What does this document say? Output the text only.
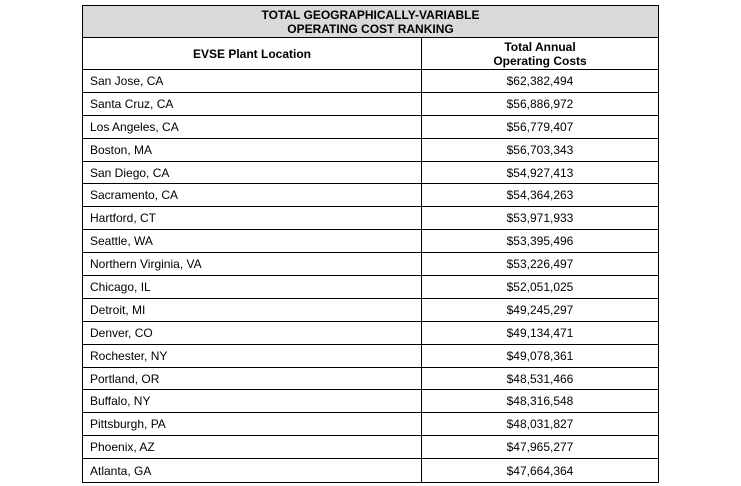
TOTAL GEOGRAPHICALLY-VARIABLE
OPERATING COST RANKING
EVSE Plant Location	Total Annual
Operating Costs
San Jose, CA	$62,382,494
Santa Cruz, CA	$56,886,972
Los Angeles, CA	$56,779,407
Boston, MA	$56,703,343
San Diego, CA	$54,927,413
Sacramento, CA	$54,364,263
Hartford, CT	$53,971,933
Seattle, WA	$53,395,496
Northern Virginia, VA	$53,226,497
Chicago, IL	$52,051,025
Detroit, MI	$49,245,297
Denver, CO	$49,134,471
Rochester, NY	$49,078,361
Portland, OR	$48,531,466
Buffalo, NY	$48,316,548
Pittsburgh, PA	$48,031,827
Phoenix, AZ	$47,965,277
Atlanta, GA	$47,664,364
